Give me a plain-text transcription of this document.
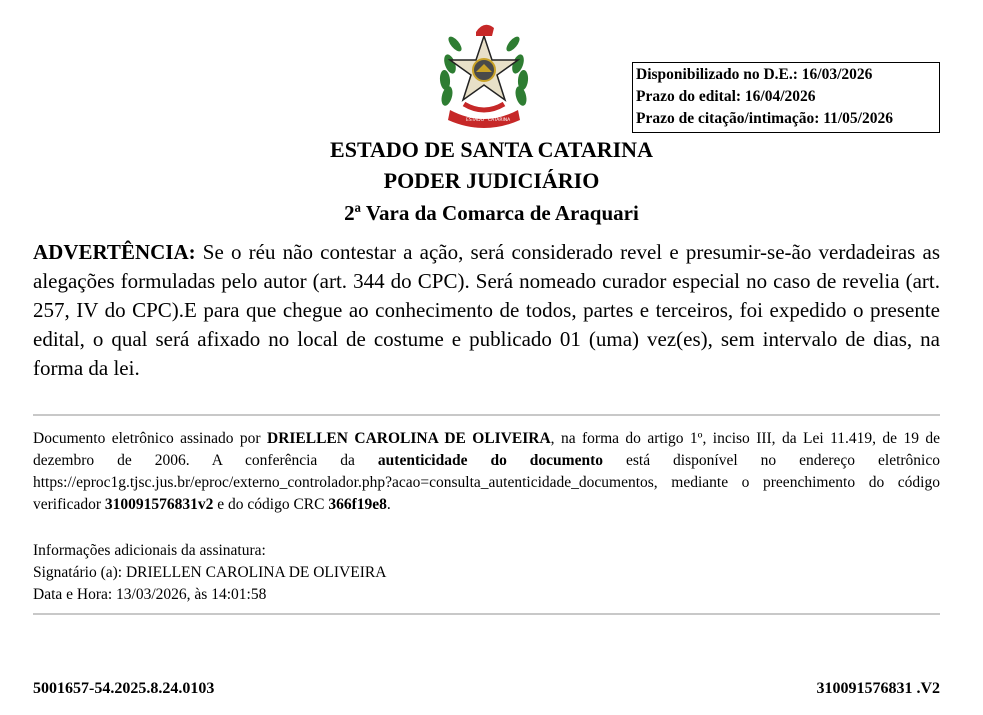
ESTADO CATARINA
Disponibilizado no D.E.: 16/03/2026
Prazo do edital: 16/04/2026
Prazo de citação/intimação: 11/05/2026
ESTADO DE SANTA CATARINA
PODER JUDICIÁRIO
2ª Vara da Comarca de Araquari

ADVERTÊNCIA: Se o réu não contestar a ação, será considerado revel e presumir-se-ão verdadeiras as alegações formuladas pelo autor (art. 344 do CPC). Será nomeado curador especial no caso de revelia (art. 257, IV do CPC).E para que chegue ao conhecimento de todos, partes e terceiros, foi expedido o presente edital, o qual será afixado no local de costume e publicado 01 (uma) vez(es), sem intervalo de dias, na forma da lei.

Documento eletrônico assinado por DRIELLEN CAROLINA DE OLIVEIRA, na forma do artigo 1º, inciso III, da Lei 11.419, de 19 de dezembro de 2006. A conferência da autenticidade do documento está disponível no endereço eletrônico https://eproc1g.tjsc.jus.br/eproc/externo_controlador.php?acao=consulta_autenticidade_documentos, mediante o preenchimento do código verificador 310091576831v2 e do código CRC 366f19e8.

Informações adicionais da assinatura:
Signatário (a): DRIELLEN CAROLINA DE OLIVEIRA
Data e Hora: 13/03/2026, às 14:01:58
5001657-54.2025.8.24.0103	310091576831 .V2
